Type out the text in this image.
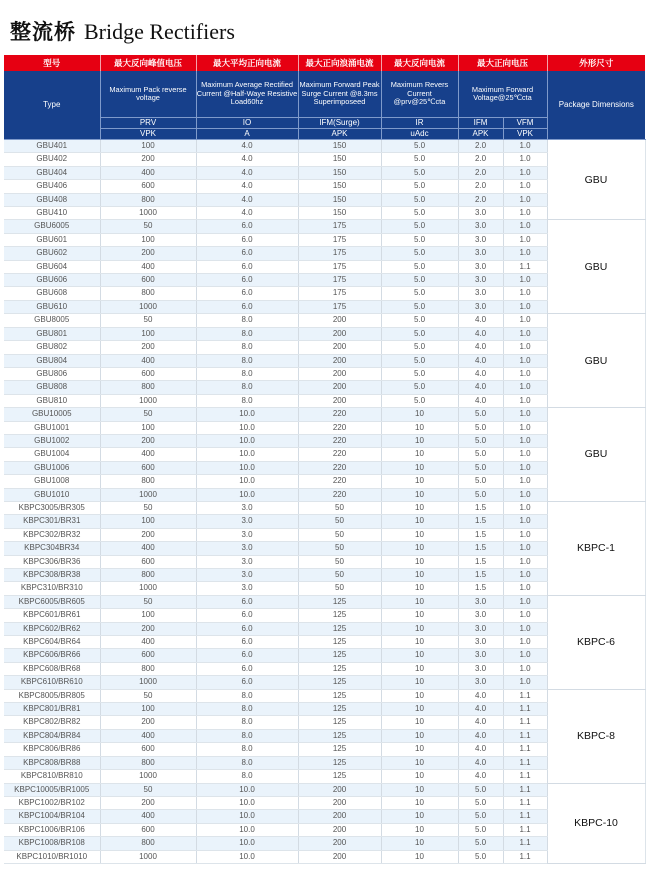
整流桥 Bridge Rectifiers
型号	最大反向峰值电压	最大平均正向电流	最大正向浪涌电流	最大反向电流	最大正向电压		外形尺寸
Type	Maximum Pack reverse voltage	Maximum Average Rectified Current @Half-Waye Resistive Load60hz	Maximum Forward Peak Surge Current @8.3ms Superimposeed	Maximum Revers Current @prv@25℃cta	Maximum Forward Voltage@25℃cta		Package Dimensions
	PRV	IO	IFM(Surge)	IR	IFM	VFM	
	VPK	A	APK	uAdc	APK	VPK	
GBU401	100	4.0	150	5.0	2.0	1.0	GBU
GBU402	200	4.0	150	5.0	2.0	1.0	
GBU404	400	4.0	150	5.0	2.0	1.0	
GBU406	600	4.0	150	5.0	2.0	1.0	
GBU408	800	4.0	150	5.0	2.0	1.0	
GBU410	1000	4.0	150	5.0	3.0	1.0	
GBU6005	50	6.0	175	5.0	3.0	1.0	GBU
GBU601	100	6.0	175	5.0	3.0	1.0	
GBU602	200	6.0	175	5.0	3.0	1.0	
GBU604	400	6.0	175	5.0	3.0	1.1	
GBU606	600	6.0	175	5.0	3.0	1.0	
GBU608	800	6.0	175	5.0	3.0	1.0	
GBU610	1000	6.0	175	5.0	3.0	1.0	
GBU8005	50	8.0	200	5.0	4.0	1.0	GBU
GBU801	100	8.0	200	5.0	4.0	1.0	
GBU802	200	8.0	200	5.0	4.0	1.0	
GBU804	400	8.0	200	5.0	4.0	1.0	
GBU806	600	8.0	200	5.0	4.0	1.0	
GBU808	800	8.0	200	5.0	4.0	1.0	
GBU810	1000	8.0	200	5.0	4.0	1.0	
GBU10005	50	10.0	220	10	5.0	1.0	GBU
GBU1001	100	10.0	220	10	5.0	1.0	
GBU1002	200	10.0	220	10	5.0	1.0	
GBU1004	400	10.0	220	10	5.0	1.0	
GBU1006	600	10.0	220	10	5.0	1.0	
GBU1008	800	10.0	220	10	5.0	1.0	
GBU1010	1000	10.0	220	10	5.0	1.0	
KBPC3005/BR305	50	3.0	50	10	1.5	1.0	KBPC-1
KBPC301/BR31	100	3.0	50	10	1.5	1.0	
KBPC302/BR32	200	3.0	50	10	1.5	1.0	
KBPC304BR34	400	3.0	50	10	1.5	1.0	
KBPC306/BR36	600	3.0	50	10	1.5	1.0	
KBPC308/BR38	800	3.0	50	10	1.5	1.0	
KBPC310/BR310	1000	3.0	50	10	1.5	1.0	
KBPC6005/BR605	50	6.0	125	10	3.0	1.0	KBPC-6
KBPC601/BR61	100	6.0	125	10	3.0	1.0	
KBPC602/BR62	200	6.0	125	10	3.0	1.0	
KBPC604/BR64	400	6.0	125	10	3.0	1.0	
KBPC606/BR66	600	6.0	125	10	3.0	1.0	
KBPC608/BR68	800	6.0	125	10	3.0	1.0	
KBPC610/BR610	1000	6.0	125	10	3.0	1.0	
KBPC8005/BR805	50	8.0	125	10	4.0	1.1	KBPC-8
KBPC801/BR81	100	8.0	125	10	4.0	1.1	
KBPC802/BR82	200	8.0	125	10	4.0	1.1	
KBPC804/BR84	400	8.0	125	10	4.0	1.1	
KBPC806/BR86	600	8.0	125	10	4.0	1.1	
KBPC808/BR88	800	8.0	125	10	4.0	1.1	
KBPC810/BR810	1000	8.0	125	10	4.0	1.1	
KBPC10005/BR1005	50	10.0	200	10	5.0	1.1	KBPC-10
KBPC1002/BR102	200	10.0	200	10	5.0	1.1	
KBPC1004/BR104	400	10.0	200	10	5.0	1.1	
KBPC1006/BR106	600	10.0	200	10	5.0	1.1	
KBPC1008/BR108	800	10.0	200	10	5.0	1.1	
KBPC1010/BR1010	1000	10.0	200	10	5.0	1.1	
